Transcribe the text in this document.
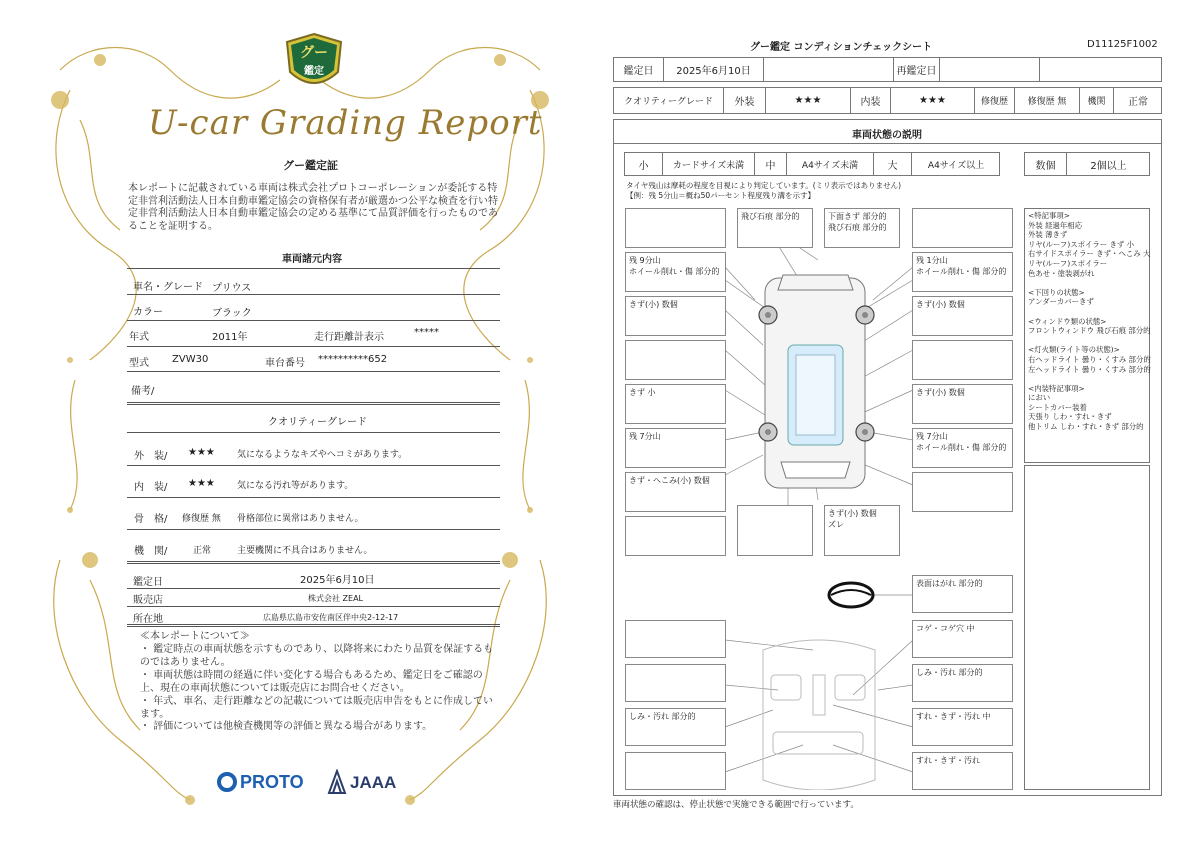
グー
鑑定
U-car Grading Report
グー鑑定証
本レポートに記載されている車両は株式会社プロトコーポレーションが委託する特定非営利活動法人日本自動車鑑定協会の資格保有者が厳選かつ公平な検査を行い特定非営利活動法人日本自動車鑑定協会の定める基準にて品質評価を行ったものであることを証明する。
車両諸元内容
車名・グレード プリウス
カラー	ブラック
年式	2011年	走行距離計表示	*****
型式 ZVW30	車台番号 **********652
備考/
クオリティーグレード
外　装/ ★★★ 気になるようなキズやヘコミがあります。
内　装/ ★★★ 気になる汚れ等があります。
骨　格/ 修復歴 無 骨格部位に異常はありません。
機　関/	正常	主要機関に不具合はありません。
鑑定日	2025年6月10日
販売店	株式会社 ZEAL
所在地	広島県広島市安佐南区伴中央2-12-17
≪本レポートについて≫
・ 鑑定時点の車両状態を示すものであり、以降将来にわたり品質を保証するものではありません。
・ 車両状態は時間の経過に伴い変化する場合もあるため、鑑定日をご確認の上、現在の車両状態については販売店にお問合せください。
・ 年式、車名、走行距離などの記載については販売店申告をもとに作成しています。
・ 評価については他検査機関等の評価と異なる場合があります。
PROTO	JAAA
グー鑑定 コンディションチェックシート	D11125F1002
鑑定日	2025年6月10日	再鑑定日
クオリティーグレード	外装	★★★	内装	★★★	修復歴	修復歴 無	機関	正常
車両状態の説明
小	カードサイズ未満	中	A4サイズ未満	大	A4サイズ以上	数個	2個以上
タイヤ残山は摩耗の程度を目視により判定しています。(ミリ表示ではありません)
【例：残 5分山＝概ね50パーセント程度残り溝を示す】
飛び石痕 部分的	下面きず 部分的
飛び石痕 部分的
残 9分山
ホイール削れ・傷 部分的
残 1分山
ホイール削れ・傷 部分的
きず(小) 数個	きず(小) 数個
きず 小	きず(小) 数個
残 7分山	残 7分山
ホイール削れ・傷 部分的
きず・へこみ(小) 数個
きず(小) 数個
ズレ
表面はがれ 部分的
コゲ・コゲ穴 中
しみ・汚れ 部分的
しみ・汚れ 部分的	すれ・きず・汚れ 中
すれ・きず・汚れ
<特記事項>
外装 経過年相応
外装 薄きず
リヤ(ルーフ)スポイラー きず 小
右サイドスポイラー きず・へこみ 大
リヤ(ルーフ)スポイラー
色あせ・塗装剥がれ
<下回りの状態>
アンダーカバーきず
<ウィンドウ類の状態>
フロントウィンドウ 飛び石痕 部分的
<灯火類(ライト等の状態)>
右ヘッドライト 曇り・くすみ 部分的
左ヘッドライト 曇り・くすみ 部分的
<内装特記事項>
におい
シートカバー装着
天張り しわ・すれ・きず
他トリム しわ・すれ・きず 部分的
車両状態の確認は、停止状態で実施できる範囲で行っています。
